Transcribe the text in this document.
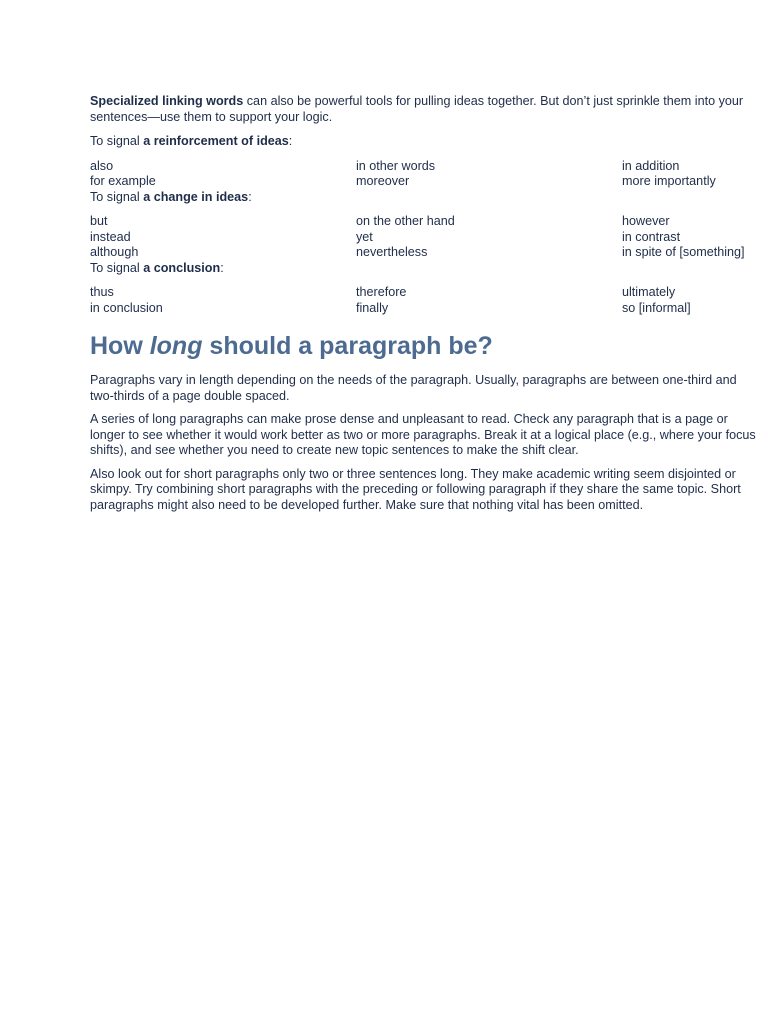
Specialized linking words can also be powerful tools for pulling ideas together. But don’t just sprinkle them into your sentences—use them to support your logic.

To signal a reinforcement of ideas:

also	in other words	in addition
for example	moreover	more importantly

To signal a change in ideas:

but	on the other hand	however
instead	yet	in contrast
although	nevertheless	in spite of [something]

To signal a conclusion:

thus	therefore	ultimately
in conclusion	finally	so [informal]
How long should a paragraph be?

Paragraphs vary in length depending on the needs of the paragraph. Usually, paragraphs are between one-third and two-thirds of a page double spaced.

A series of long paragraphs can make prose dense and unpleasant to read. Check any paragraph that is a page or longer to see whether it would work better as two or more paragraphs. Break it at a logical place (e.g., where your focus shifts), and see whether you need to create new topic sentences to make the shift clear.

Also look out for short paragraphs only two or three sentences long. They make academic writing seem disjointed or skimpy. Try combining short paragraphs with the preceding or following paragraph if they share the same topic. Short paragraphs might also need to be developed further. Make sure that nothing vital has been omitted.
